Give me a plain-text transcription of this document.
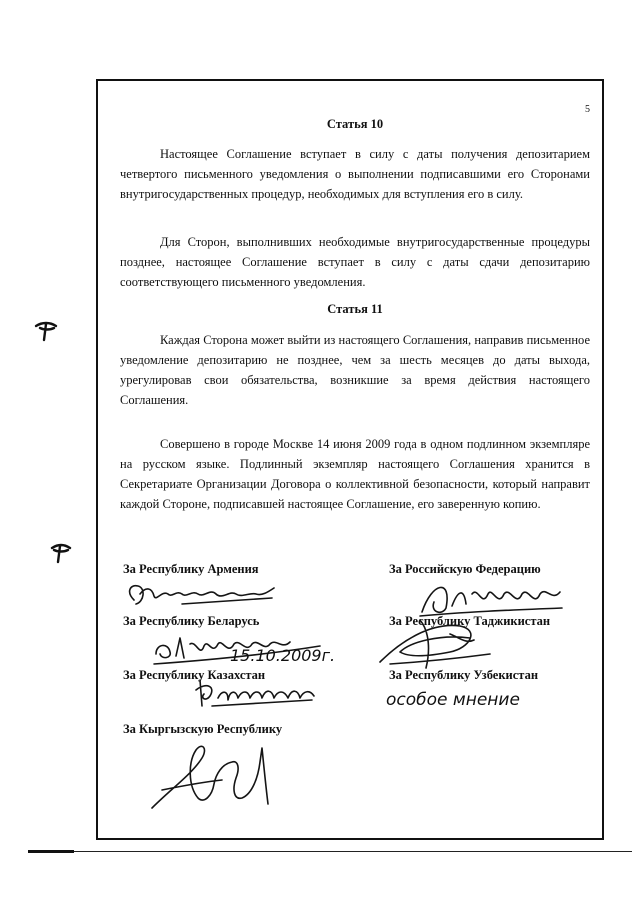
5
Статья 10

Настоящее Соглашение вступает в силу с даты получения депозитарием четвертого письменного уведомления о выполнении подписавшими его Сторонами внутригосударственных процедур, необходимых для вступления его в силу.

Для Сторон, выполнивших необходимые внутригосударственные процедуры позднее, настоящее Соглашение вступает в силу с даты сдачи депозитарию соответствующего письменного уведомления.

Статья 11

Каждая Сторона может выйти из настоящего Соглашения, направив письменное уведомление депозитарию не позднее, чем за шесть месяцев до даты выхода, урегулировав свои обязательства, возникшие за время действия настоящего Соглашения.

Совершено в городе Москве 14 июня 2009 года в одном подлинном экземпляре на русском языке. Подлинный экземпляр настоящего Соглашения хранится в Секретариате Организации Договора о коллективной безопасности, который направит каждой Стороне, подписавшей настоящее Соглашение, его заверенную копию.

За Республику Армения	За Российскую Федерацию
За Республику Беларусь	За Республику Таджикистан
За Республику Казахстан	За Республику Узбекистан
За Кыргызскую Республику
15.10.2009г.
особое мнение
